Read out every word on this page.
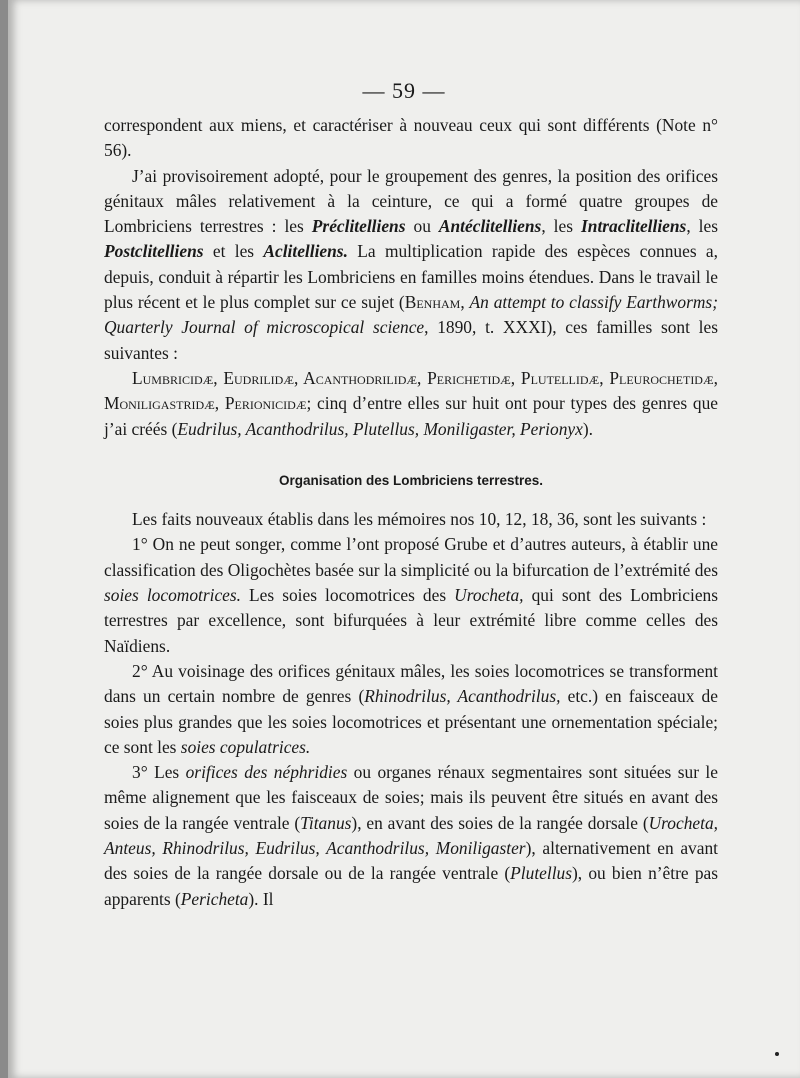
— 59 —

correspondent aux miens, et caractériser à nouveau ceux qui sont différents (Note n° 56).

J’ai provisoirement adopté, pour le groupement des genres, la position des orifices génitaux mâles relativement à la ceinture, ce qui a formé quatre groupes de Lombriciens terrestres : les Préclitelliens ou Antéclitelliens, les Intraclitelliens, les Postclitelliens et les Aclitelliens. La multiplication rapide des espèces connues a, depuis, conduit à répartir les Lombriciens en familles moins étendues. Dans le travail le plus récent et le plus complet sur ce sujet (Benham, An attempt to classify Earthworms; Quarterly Journal of microscopical science, 1890, t. XXXI), ces familles sont les suivantes :

Lumbricidæ, Eudrilidæ, Acanthodrilidæ, Perichetidæ, Plutellidæ, Pleurochetidæ, Moniligastridæ, Perionicidæ; cinq d’entre elles sur huit ont pour types des genres que j’ai créés (Eudrilus, Acanthodrilus, Plutellus, Moniligaster, Perionyx).

Organisation des Lombriciens terrestres.

Les faits nouveaux établis dans les mémoires nos 10, 12, 18, 36, sont les suivants :

1° On ne peut songer, comme l’ont proposé Grube et d’autres auteurs, à établir une classification des Oligochètes basée sur la simplicité ou la bifurcation de l’extrémité des soies locomotrices. Les soies locomotrices des Urocheta, qui sont des Lombriciens terrestres par excellence, sont bifurquées à leur extrémité libre comme celles des Naïdiens.

2° Au voisinage des orifices génitaux mâles, les soies locomotrices se transforment dans un certain nombre de genres (Rhinodrilus, Acanthodrilus, etc.) en faisceaux de soies plus grandes que les soies locomotrices et présentant une ornementation spéciale; ce sont les soies copulatrices.

3° Les orifices des néphridies ou organes rénaux segmentaires sont situées sur le même alignement que les faisceaux de soies; mais ils peuvent être situés en avant des soies de la rangée ventrale (Titanus), en avant des soies de la rangée dorsale (Urocheta, Anteus, Rhinodrilus, Eudrilus, Acanthodrilus, Moniligaster), alternativement en avant des soies de la rangée dorsale ou de la rangée ventrale (Plutellus), ou bien n’être pas apparents (Pericheta). Il
